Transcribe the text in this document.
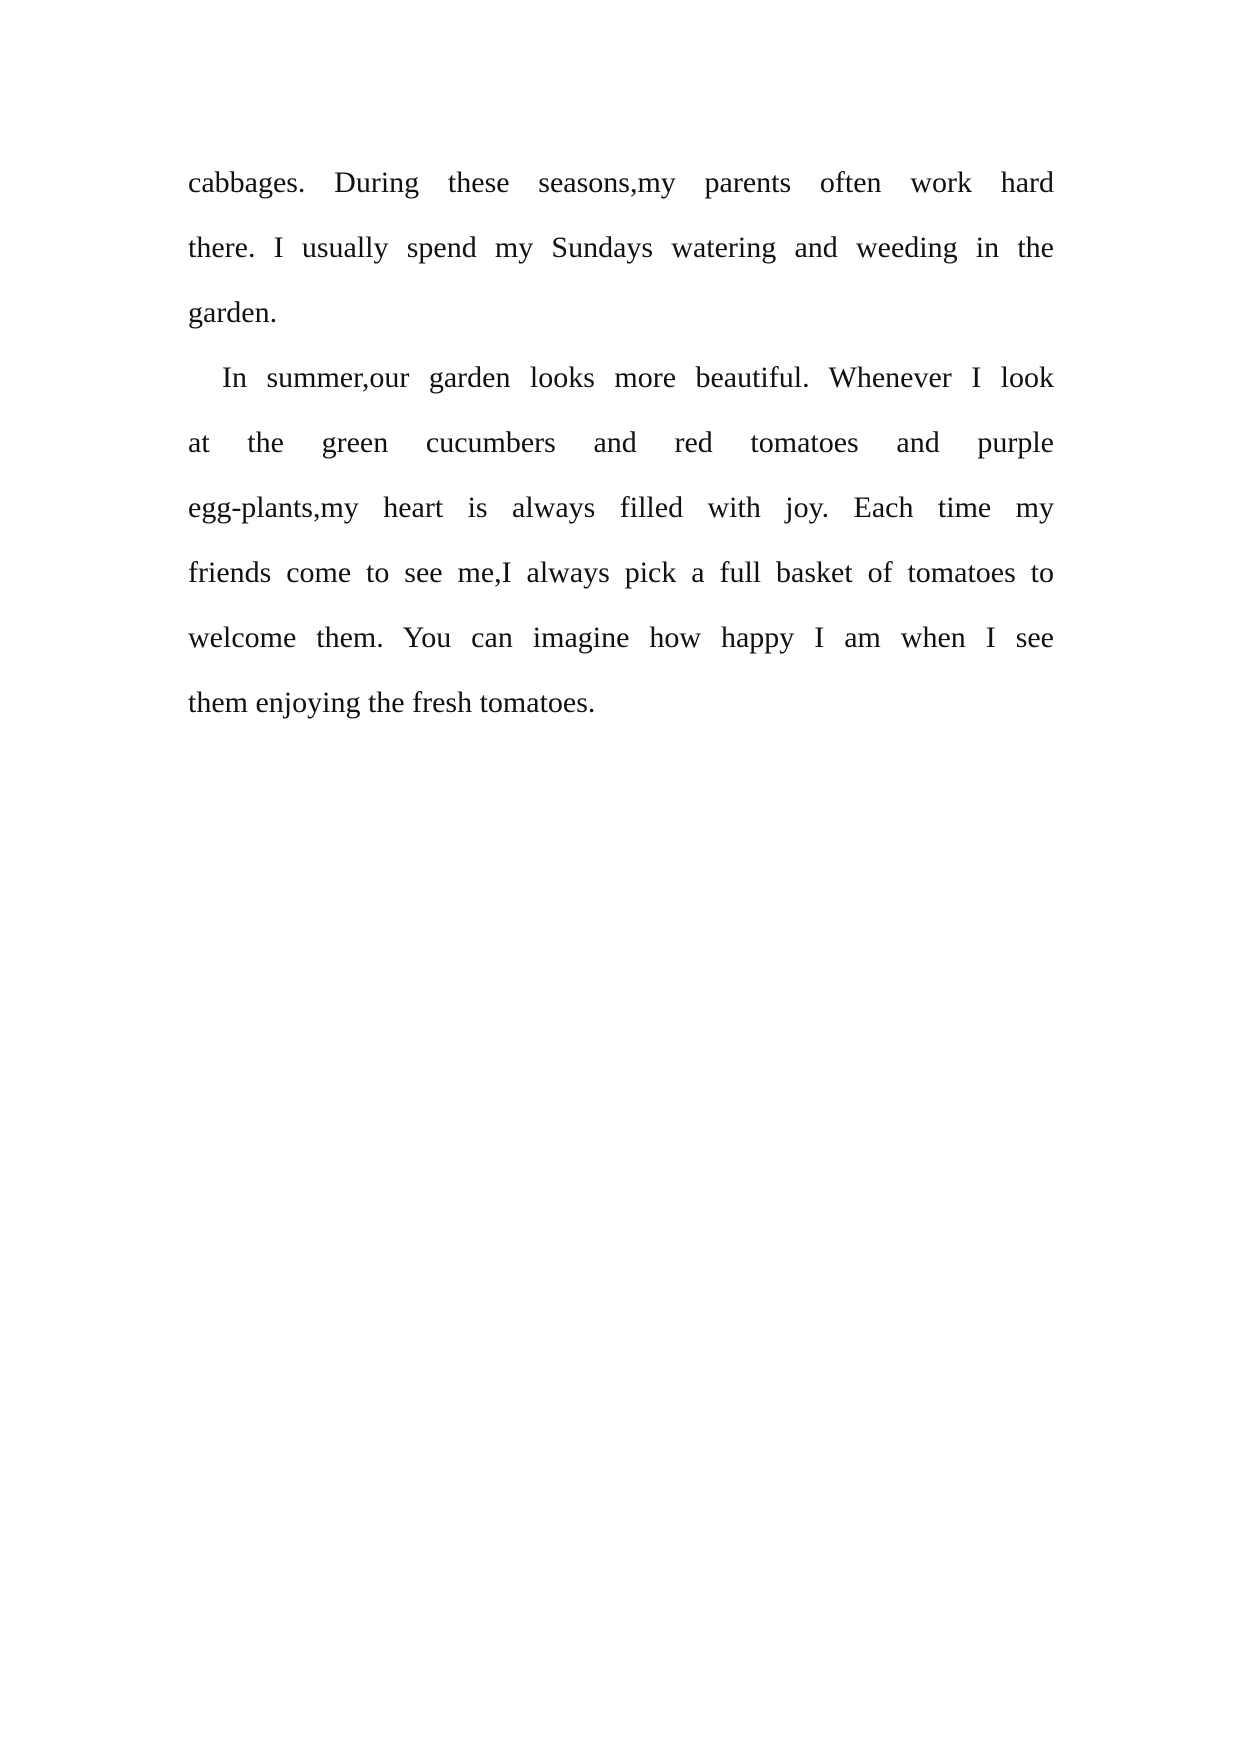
cabbages. During these seasons,my parents often work hard
there. I usually spend my Sundays watering and weeding in the
garden.
In summer,our garden looks more beautiful. Whenever I look
at the green cucumbers and red tomatoes and purple
egg-plants,my heart is always filled with joy. Each time my
friends come to see me,I always pick a full basket of tomatoes to
welcome them. You can imagine how happy I am when I see
them enjoying the fresh tomatoes.
